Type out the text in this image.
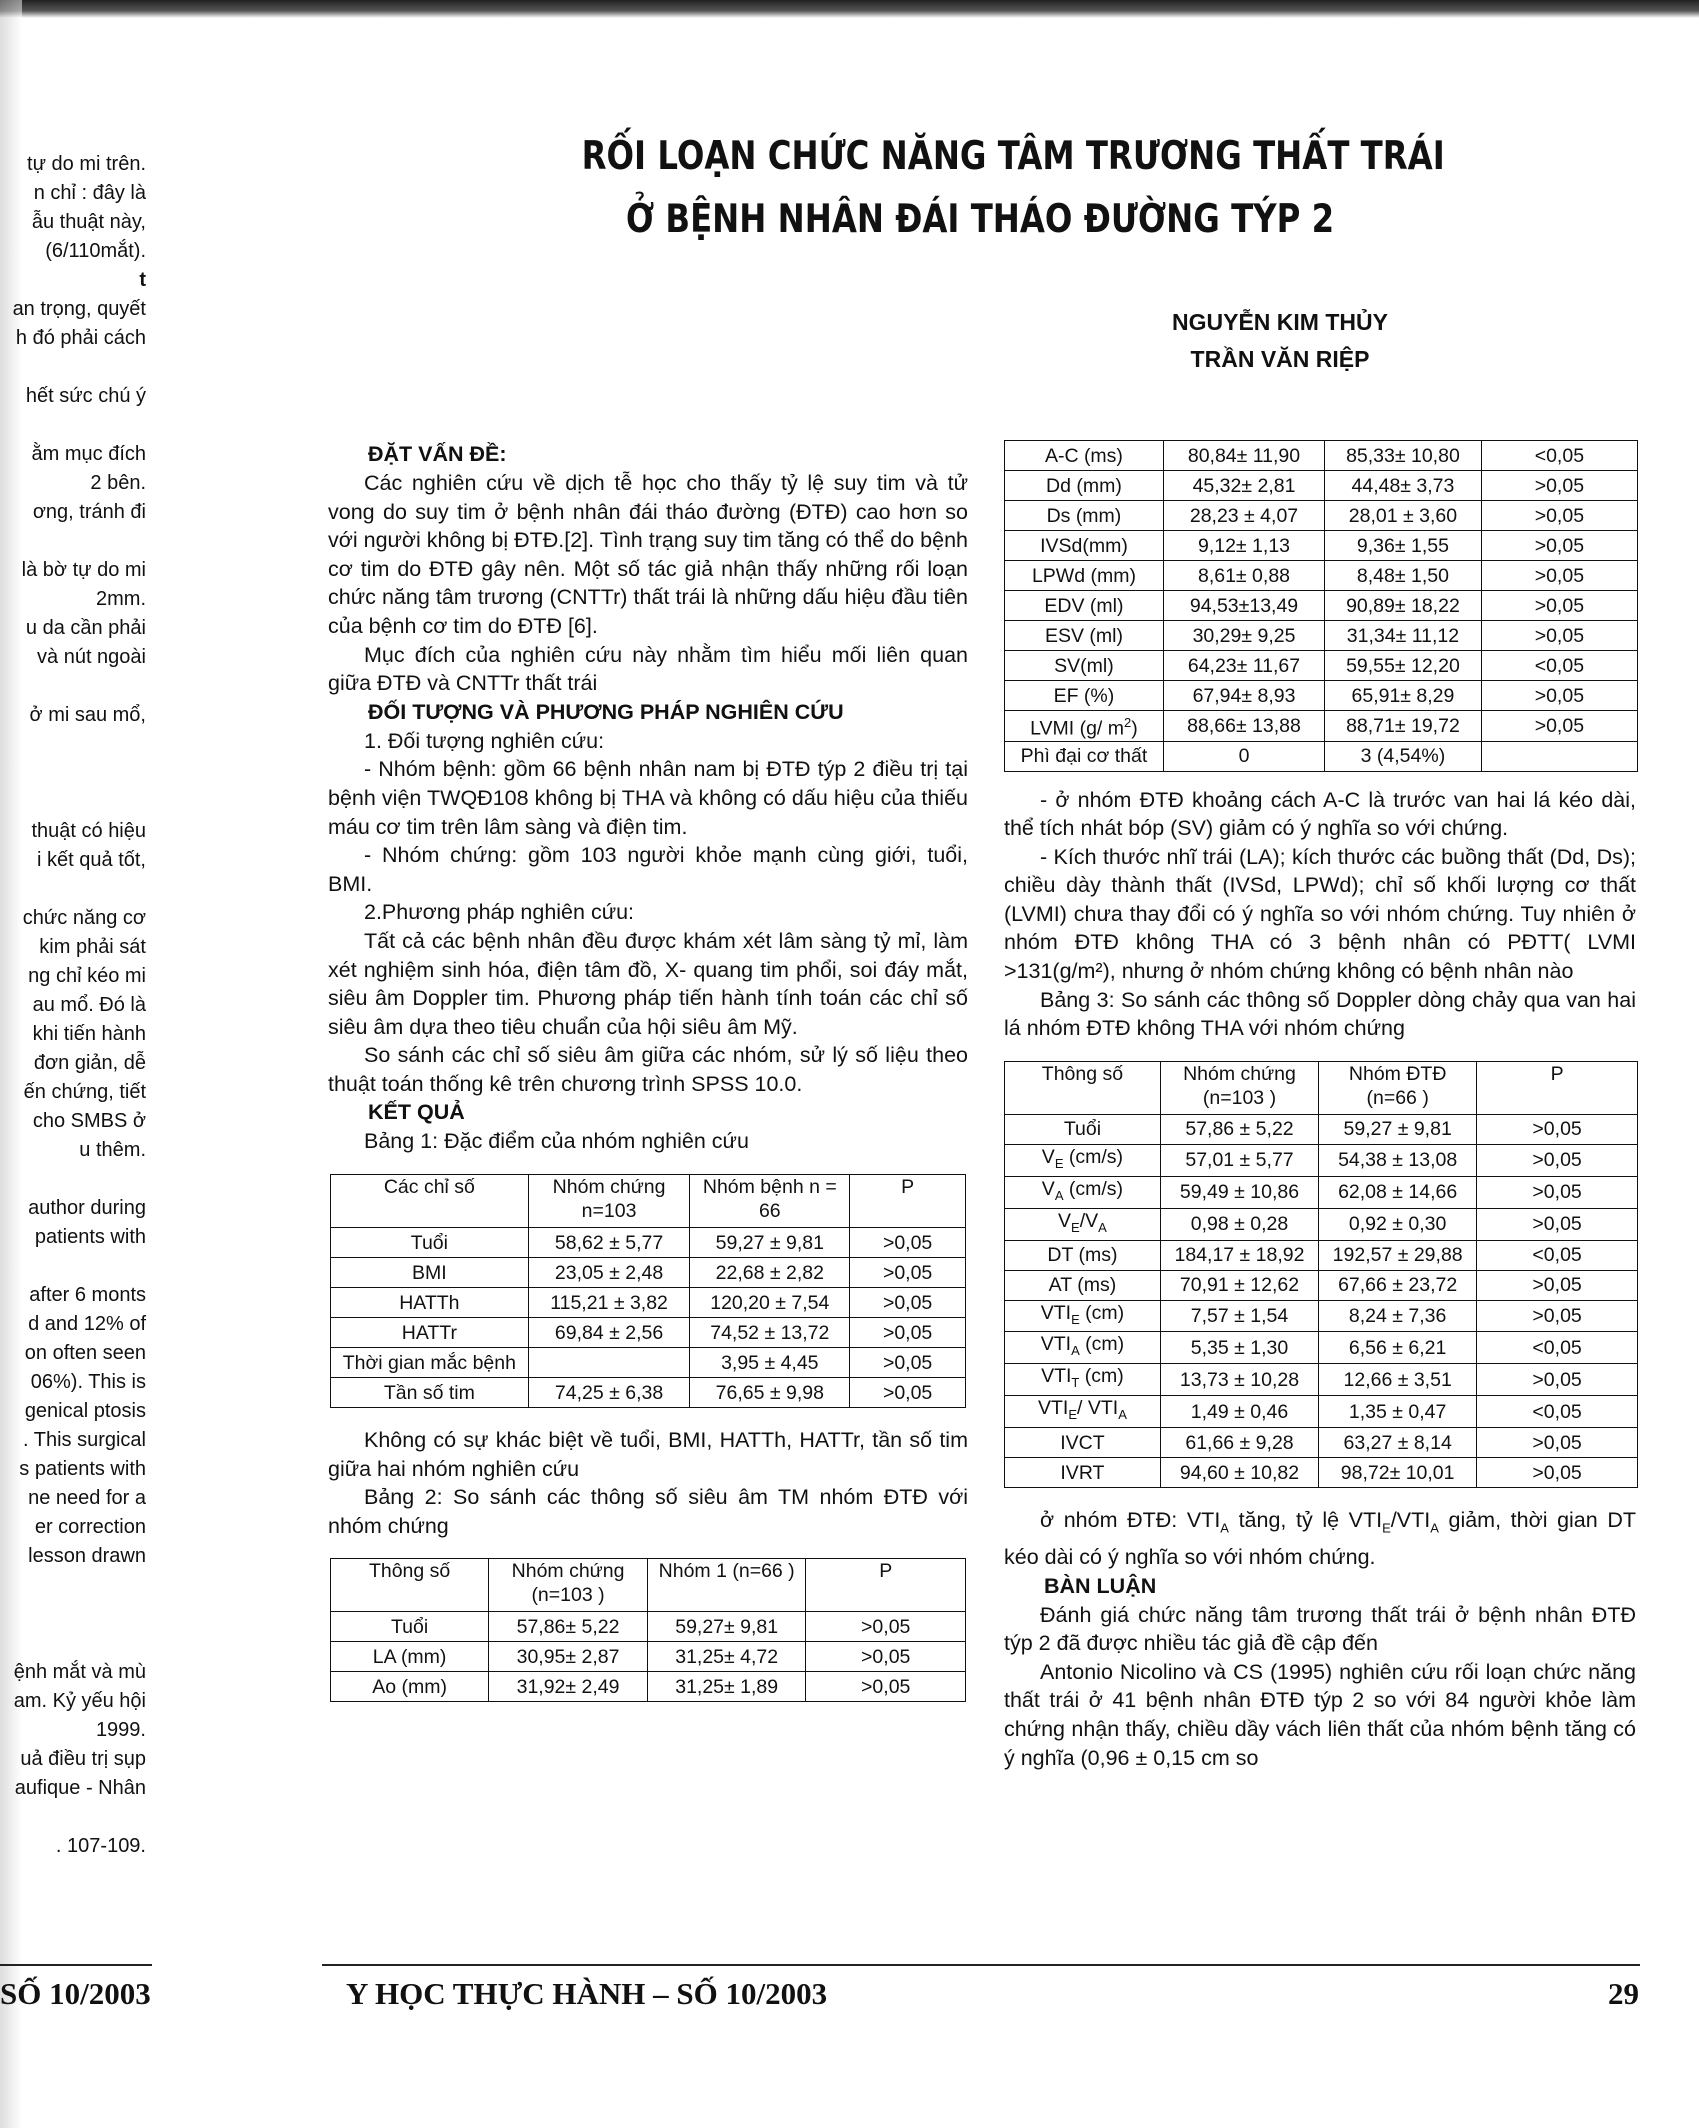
tự do mi trên.

n chỉ : đây là

ẫu thuật này,

(6/110mắt).

t

an trọng, quyết

h đó phải cách

hết sức chú ý

ằm mục đích

2 bên.

ơng, tránh đi

là bờ tự do mi

2mm.

u da cần phải

và nút ngoài

ở mi sau mổ,

thuật có hiệu

i kết quả tốt,

chức năng cơ

kim phải sát

ng chỉ kéo mi

au mổ. Đó là

khi tiến hành

đơn giản, dễ

ến chứng, tiết

cho SMBS ở

u thêm.

author during

patients with

after 6 monts

d and 12% of

on often seen

06%). This is

genical ptosis

. This surgical

s patients with

ne need for a

er correction

lesson drawn

ệnh mắt và mù

am. Kỷ yếu hội

1999.

uả điều trị sụp

aufique - Nhân

. 107-109.

RỐI LOẠN CHỨC NĂNG TÂM TRƯƠNG THẤT TRÁI
Ở BỆNH NHÂN ĐÁI THÁO ĐƯỜNG TÝP 2
NGUYỄN KIM THỦY
TRẦN VĂN RIỆP
ĐẶT VẤN ĐỀ:

Các nghiên cứu về dịch tễ học cho thấy tỷ lệ suy tim và tử vong do suy tim ở bệnh nhân đái tháo đường (ĐTĐ) cao hơn so với người không bị ĐTĐ.[2]. Tình trạng suy tim tăng có thể do bệnh cơ tim do ĐTĐ gây nên. Một số tác giả nhận thấy những rối loạn chức năng tâm trương (CNTTr) thất trái là những dấu hiệu đầu tiên của bệnh cơ tim do ĐTĐ [6].

Mục đích của nghiên cứu này nhằm tìm hiểu mối liên quan giữa ĐTĐ và CNTTr thất trái

ĐỐI TƯỢNG VÀ PHƯƠNG PHÁP NGHIÊN CỨU

1. Đối tượng nghiên cứu:

- Nhóm bệnh: gồm 66 bệnh nhân nam bị ĐTĐ týp 2 điều trị tại bệnh viện TWQĐ108 không bị THA và không có dấu hiệu của thiếu máu cơ tim trên lâm sàng và điện tim.

- Nhóm chứng: gồm 103 người khỏe mạnh cùng giới, tuổi, BMI.

2.Phương pháp nghiên cứu:

Tất cả các bệnh nhân đều được khám xét lâm sàng tỷ mỉ, làm xét nghiệm sinh hóa, điện tâm đồ, X- quang tim phổi, soi đáy mắt, siêu âm Doppler tim. Phương pháp tiến hành tính toán các chỉ số siêu âm dựa theo tiêu chuẩn của hội siêu âm Mỹ.

So sánh các chỉ số siêu âm giữa các nhóm, sử lý số liệu theo thuật toán thống kê trên chương trình SPSS 10.0.

KẾT QUẢ

Bảng 1: Đặc điểm của nhóm nghiên cứu

Các chỉ số	Nhóm chứng n=103	Nhóm bệnh n = 66	P
Tuổi	58,62 ± 5,77	59,27 ± 9,81	>0,05
BMI	23,05 ± 2,48	22,68 ± 2,82	>0,05
HATTh	115,21 ± 3,82	120,20 ± 7,54	>0,05
HATTr	69,84 ± 2,56	74,52 ± 13,72	>0,05
Thời gian mắc bệnh		3,95 ± 4,45	>0,05
Tần số tim	74,25 ± 6,38	76,65 ± 9,98	>0,05

Không có sự khác biệt về tuổi, BMI, HATTh, HATTr, tần số tim giữa hai nhóm nghiên cứu

Bảng 2: So sánh các thông số siêu âm TM nhóm ĐTĐ với nhóm chứng

Thông số	Nhóm chứng (n=103 )	Nhóm 1 (n=66 )	P
Tuổi	57,86± 5,22	59,27± 9,81	>0,05
LA (mm)	30,95± 2,87	31,25± 4,72	>0,05
Ao (mm)	31,92± 2,49	31,25± 1,89	>0,05
A-C (ms)	80,84± 11,90	85,33± 10,80	<0,05
Dd (mm)	45,32± 2,81	44,48± 3,73	>0,05
Ds (mm)	28,23 ± 4,07	28,01 ± 3,60	>0,05
IVSd(mm)	9,12± 1,13	9,36± 1,55	>0,05
LPWd (mm)	8,61± 0,88	8,48± 1,50	>0,05
EDV (ml)	94,53±13,49	90,89± 18,22	>0,05
ESV (ml)	30,29± 9,25	31,34± 11,12	>0,05
SV(ml)	64,23± 11,67	59,55± 12,20	<0,05
EF (%)	67,94± 8,93	65,91± 8,29	>0,05
LVMI (g/ $m^2$)	88,66± 13,88	88,71± 19,72	>0,05
Phì đại cơ thất	0	3 (4,54%)	

- ở nhóm ĐTĐ khoảng cách A-C là trước van hai lá kéo dài, thể tích nhát bóp (SV) giảm có ý nghĩa so với chứng.

- Kích thước nhĩ trái (LA); kích thước các buồng thất (Dd, Ds); chiều dày thành thất (IVSd, LPWd); chỉ số khối lượng cơ thất (LVMI) chưa thay đổi có ý nghĩa so với nhóm chứng. Tuy nhiên ở nhóm ĐTĐ không THA có 3 bệnh nhân có PĐTT( LVMI >131(g/m²), nhưng ở nhóm chứng không có bệnh nhân nào

Bảng 3: So sánh các thông số Doppler dòng chảy qua van hai lá nhóm ĐTĐ không THA với nhóm chứng

Thông số	Nhóm chứng (n=103 )	Nhóm ĐTĐ (n=66 )	P
Tuổi	57,86 ± 5,22	59,27 ± 9,81	>0,05
$V_E$ (cm/s)	57,01 ± 5,77	54,38 ± 13,08	>0,05
$V_A$ (cm/s)	59,49 ± 10,86	62,08 ± 14,66	>0,05
$V_E/V_A$	0,98 ± 0,28	0,92 ± 0,30	>0,05
DT (ms)	184,17 ± 18,92	192,57 ± 29,88	<0,05
AT (ms)	70,91 ± 12,62	67,66 ± 23,72	>0,05
$VTI_E$ (cm)	7,57 ± 1,54	8,24 ± 7,36	>0,05
$VTI_A$ (cm)	5,35 ± 1,30	6,56 ± 6,21	<0,05
$VTI_T$ (cm)	13,73 ± 10,28	12,66 ± 3,51	>0,05
$VTI_E/$ $VTI_A$	1,49 ± 0,46	1,35 ± 0,47	<0,05
IVCT	61,66 ± 9,28	63,27 ± 8,14	>0,05
IVRT	94,60 ± 10,82	98,72± 10,01	>0,05

ở nhóm ĐTĐ: $VTI_A$ tăng, tỷ lệ $VTI_E/VTI_A$ giảm, thời gian DT kéo dài có ý nghĩa so với nhóm chứng.

BÀN LUẬN

Đánh giá chức năng tâm trương thất trái ở bệnh nhân ĐTĐ týp 2 đã được nhiều tác giả đề cập đến

Antonio Nicolino và CS (1995) nghiên cứu rối loạn chức năng thất trái ở 41 bệnh nhân ĐTĐ týp 2 so với 84 người khỏe làm chứng nhận thấy, chiều dầy vách liên thất của nhóm bệnh tăng có ý nghĩa (0,96 ± 0,15 cm so

SỐ 10/2003	Y HỌC THỰC HÀNH – SỐ 10/2003	29
